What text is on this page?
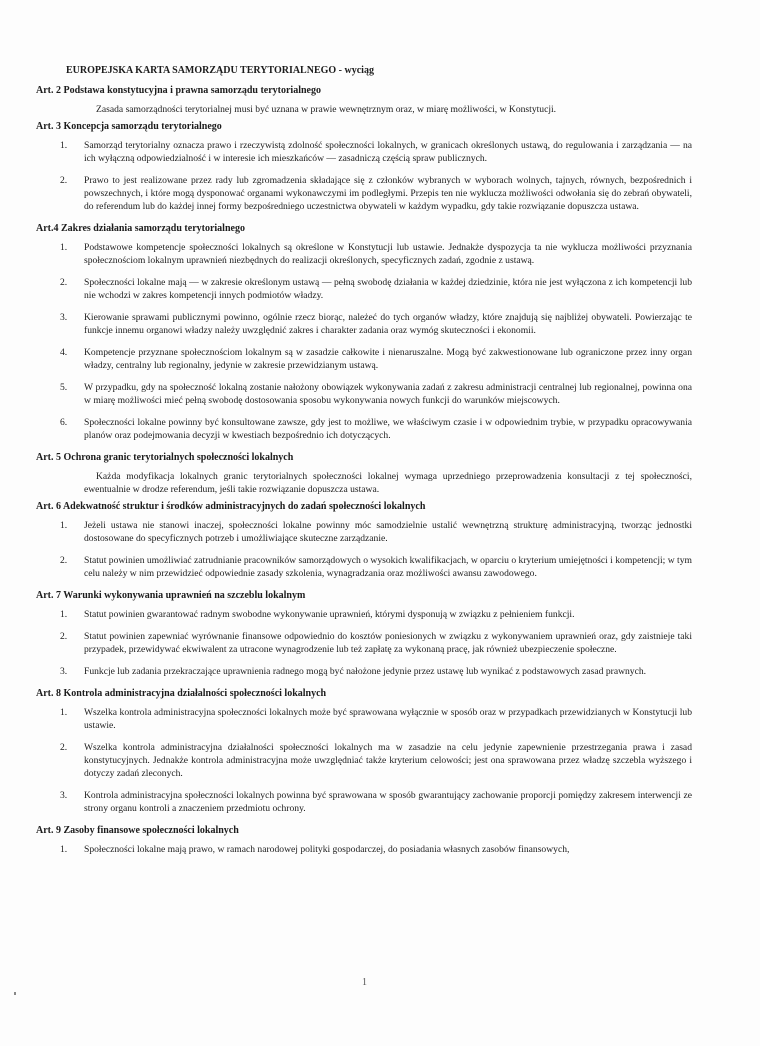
EUROPEJSKA KARTA SAMORZĄDU TERYTORIALNEGO - wyciąg
Art. 2 Podstawa konstytucyjna i prawna samorządu terytorialnego
Zasada samorządności terytorialnej musi być uznana w prawie wewnętrznym oraz, w miarę możliwości, w Konstytucji.
Art. 3 Koncepcja samorządu terytorialnego
1.	Samorząd terytorialny oznacza prawo i rzeczywistą zdolność społeczności lokalnych, w granicach określonych ustawą, do regulowania i zarządzania — na ich wyłączną odpowiedzialność i w interesie ich mieszkańców — zasadniczą częścią spraw publicznych.
2.	Prawo to jest realizowane przez rady lub zgromadzenia składające się z członków wybranych w wyborach wolnych, tajnych, równych, bezpośrednich i powszechnych, i które mogą dysponować organami wykonawczymi im podległymi. Przepis ten nie wyklucza możliwości odwołania się do zebrań obywateli, do referendum lub do każdej innej formy bezpośredniego uczestnictwa obywateli w każdym wypadku, gdy takie rozwiązanie dopuszcza ustawa.
Art.4 Zakres działania samorządu terytorialnego
1.	Podstawowe kompetencje społeczności lokalnych są określone w Konstytucji lub ustawie. Jednakże dyspozycja ta nie wyklucza możliwości przyznania społecznościom lokalnym uprawnień niezbędnych do realizacji określonych, specyficznych zadań, zgodnie z ustawą.
2.	Społeczności lokalne mają — w zakresie określonym ustawą — pełną swobodę działania w każdej dziedzinie, która nie jest wyłączona z ich kompetencji lub nie wchodzi w zakres kompetencji innych podmiotów władzy.
3.	Kierowanie sprawami publicznymi powinno, ogólnie rzecz biorąc, należeć do tych organów władzy, które znajdują się najbliżej obywateli. Powierzając te funkcje innemu organowi władzy należy uwzględnić zakres i charakter zadania oraz wymóg skuteczności i ekonomii.
4.	Kompetencje przyznane społecznościom lokalnym są w zasadzie całkowite i nienaruszalne. Mogą być zakwestionowane lub ograniczone przez inny organ władzy, centralny lub regionalny, jedynie w zakresie przewidzianym ustawą.
5.	W przypadku, gdy na społeczność lokalną zostanie nałożony obowiązek wykonywania zadań z zakresu administracji centralnej lub regionalnej, powinna ona w miarę możliwości mieć pełną swobodę dostosowania sposobu wykonywania nowych funkcji do warunków miejscowych.
6.	Społeczności lokalne powinny być konsultowane zawsze, gdy jest to możliwe, we właściwym czasie i w odpowiednim trybie, w przypadku opracowywania planów oraz podejmowania decyzji w kwestiach bezpośrednio ich dotyczących.
Art. 5 Ochrona granic terytorialnych społeczności lokalnych
Każda modyfikacja lokalnych granic terytorialnych społeczności lokalnej wymaga uprzedniego przeprowadzenia konsultacji z tej społeczności, ewentualnie w drodze referendum, jeśli takie rozwiązanie dopuszcza ustawa.
Art. 6 Adekwatność struktur i środków administracyjnych do zadań społeczności lokalnych
1.	Jeżeli ustawa nie stanowi inaczej, społeczności lokalne powinny móc samodzielnie ustalić wewnętrzną strukturę administracyjną, tworząc jednostki dostosowane do specyficznych potrzeb i umożliwiające skuteczne zarządzanie.
2.	Statut powinien umożliwiać zatrudnianie pracowników samorządowych o wysokich kwalifikacjach, w oparciu o kryterium umiejętności i kompetencji; w tym celu należy w nim przewidzieć odpowiednie zasady szkolenia, wynagradzania oraz możliwości awansu zawodowego.
Art. 7 Warunki wykonywania uprawnień na szczeblu lokalnym
1.	Statut powinien gwarantować radnym swobodne wykonywanie uprawnień, którymi dysponują w związku z pełnieniem funkcji.
2.	Statut powinien zapewniać wyrównanie finansowe odpowiednio do kosztów poniesionych w związku z wykonywaniem uprawnień oraz, gdy zaistnieje taki przypadek, przewidywać ekwiwalent za utracone wynagrodzenie lub też zapłatę za wykonaną pracę, jak również ubezpieczenie społeczne.
3.	Funkcje lub zadania przekraczające uprawnienia radnego mogą być nałożone jedynie przez ustawę lub wynikać z podstawowych zasad prawnych.
Art. 8 Kontrola administracyjna działalności społeczności lokalnych
1.	Wszelka kontrola administracyjna społeczności lokalnych może być sprawowana wyłącznie w sposób oraz w przypadkach przewidzianych w Konstytucji lub ustawie.
2.	Wszelka kontrola administracyjna działalności społeczności lokalnych ma w zasadzie na celu jedynie zapewnienie przestrzegania prawa i zasad konstytucyjnych. Jednakże kontrola administracyjna może uwzględniać także kryterium celowości; jest ona sprawowana przez władzę szczebla wyższego i dotyczy zadań zleconych.
3.	Kontrola administracyjna społeczności lokalnych powinna być sprawowana w sposób gwarantujący zachowanie proporcji pomiędzy zakresem interwencji ze strony organu kontroli a znaczeniem przedmiotu ochrony.
Art. 9 Zasoby finansowe społeczności lokalnych
1.	Społeczności lokalne mają prawo, w ramach narodowej polityki gospodarczej, do posiadania własnych zasobów finansowych,
1
